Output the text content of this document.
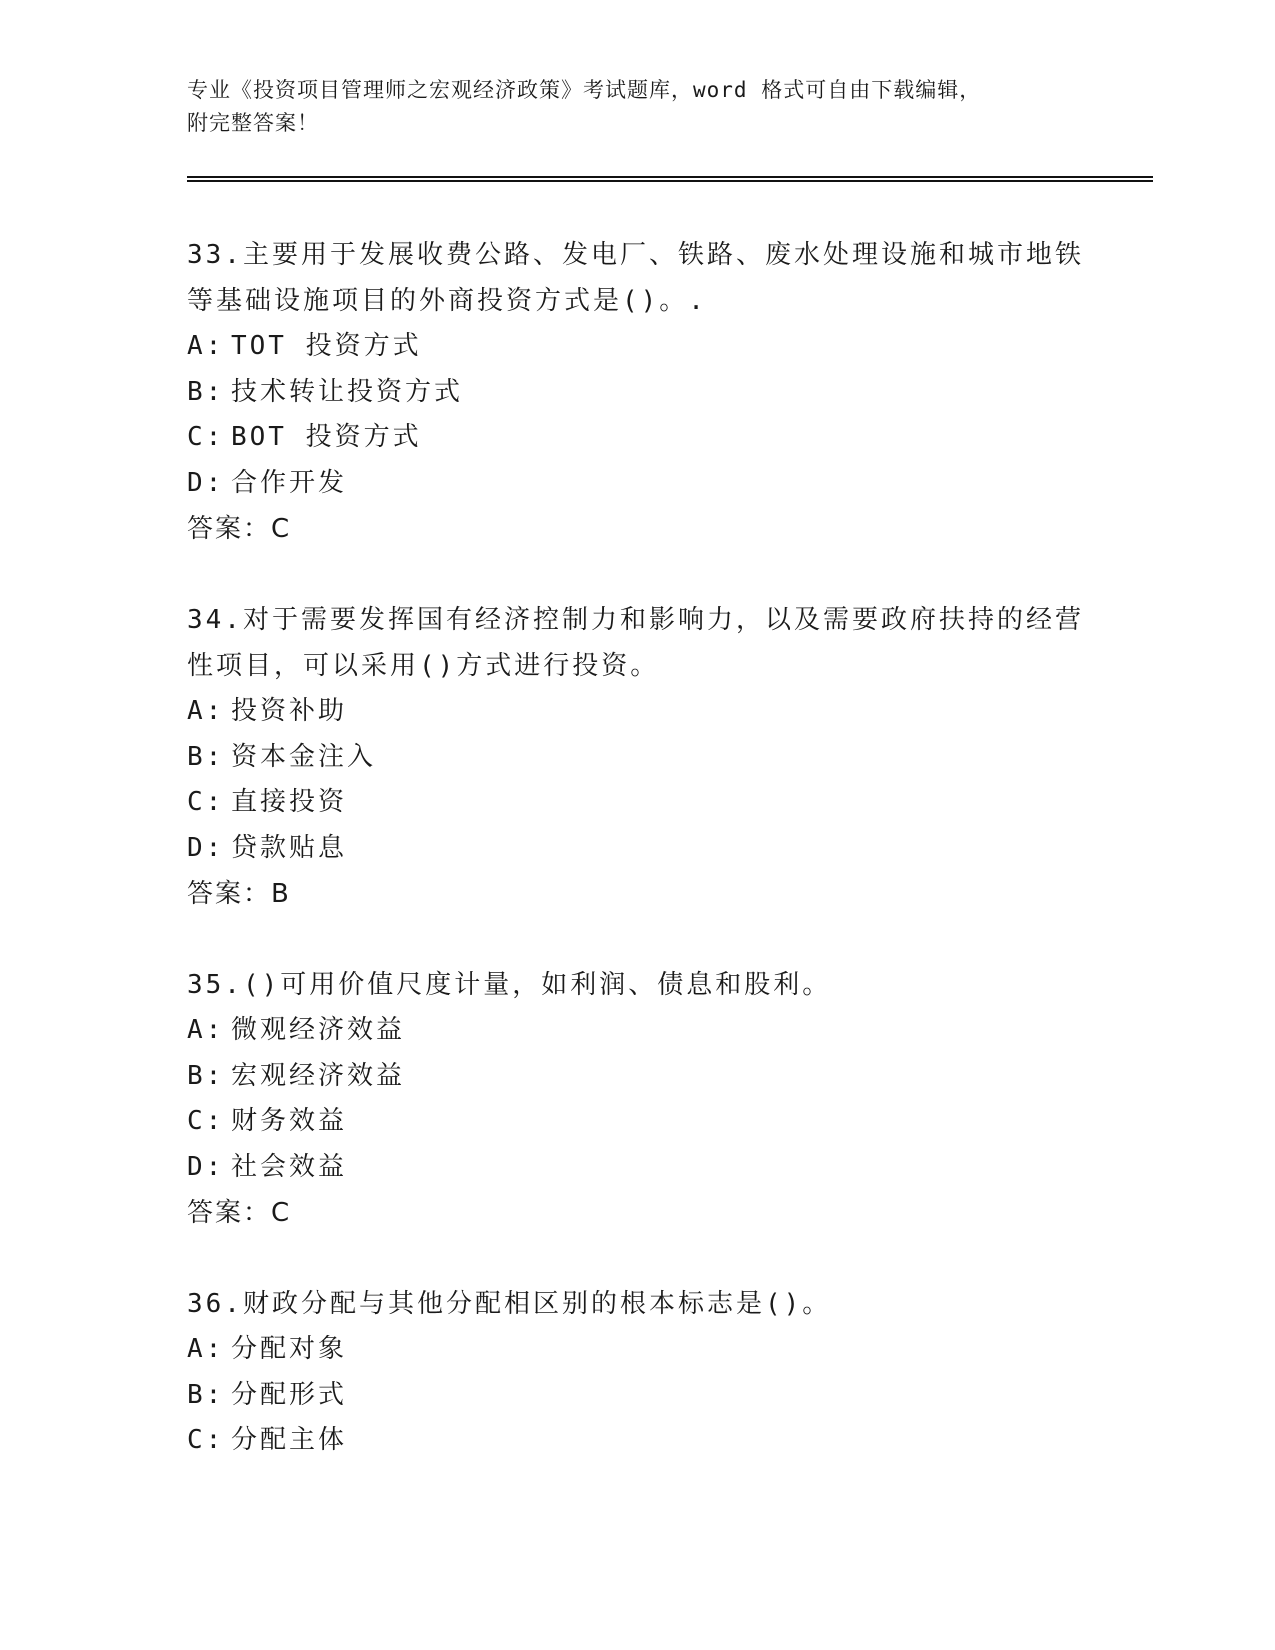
专业《投资项目管理师之宏观经济政策》考试题库，word 格式可自由下载编辑，
附完整答案！

33.主要用于发展收费公路、发电厂、铁路、废水处理设施和城市地铁等基础设施项目的外商投资方式是()。.

A: TOT 投资方式

B: 技术转让投资方式

C: BOT 投资方式

D: 合作开发

答案：C

34.对于需要发挥国有经济控制力和影响力，以及需要政府扶持的经营性项目，可以采用()方式进行投资。

A: 投资补助

B: 资本金注入

C: 直接投资

D: 贷款贴息

答案：B

35.()可用价值尺度计量，如利润、债息和股利。

A: 微观经济效益

B: 宏观经济效益

C: 财务效益

D: 社会效益

答案：C

36.财政分配与其他分配相区别的根本标志是()。

A: 分配对象

B: 分配形式

C: 分配主体
